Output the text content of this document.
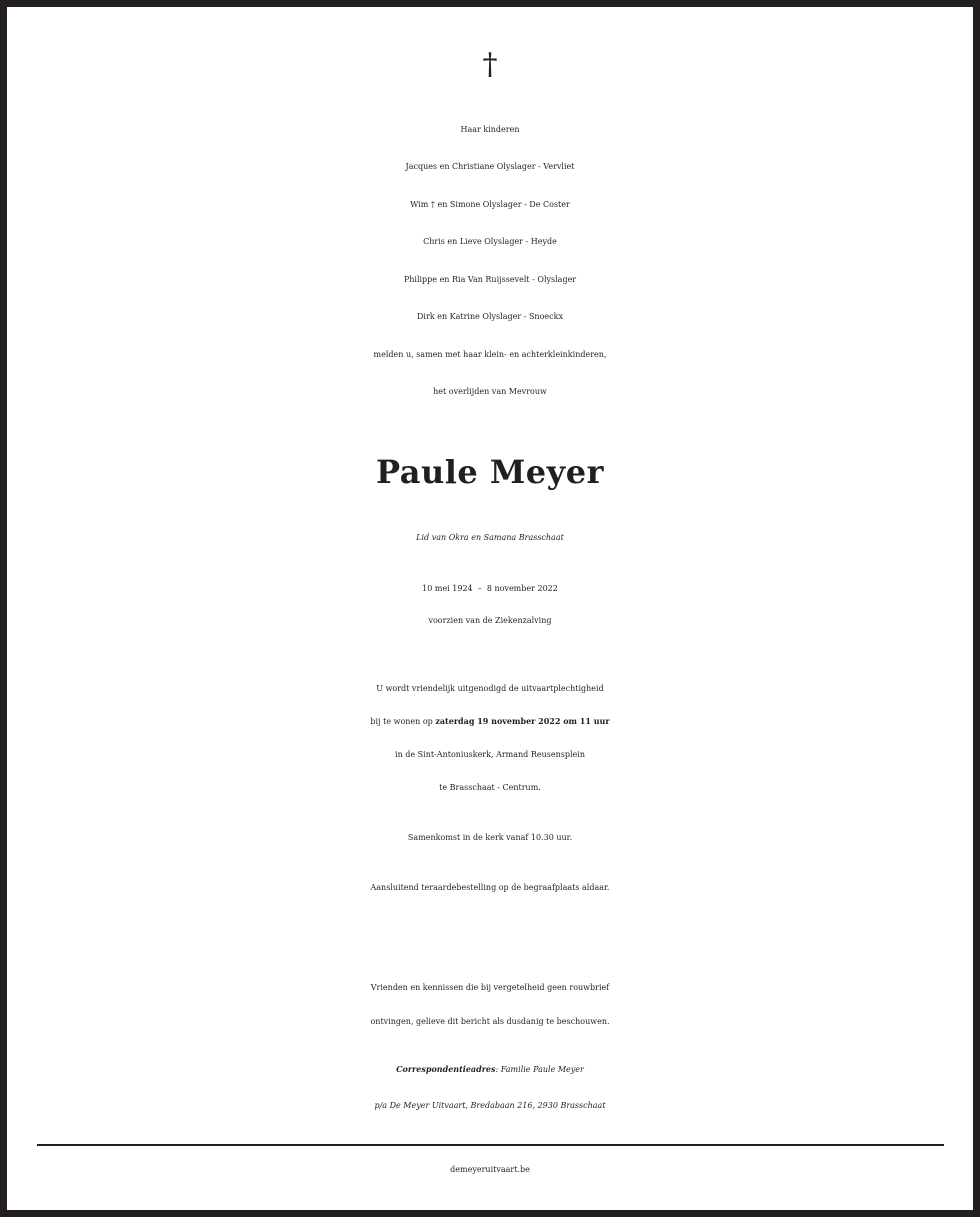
†
Haar kinderen
Jacques en Christiane Olyslager - Vervliet
Wim † en Simone Olyslager - De Coster
Chris en Lieve Olyslager - Heyde
Philippe en Ria Van Ruijssevelt - Olyslager
Dirk en Katrine Olyslager - Snoeckx
melden u, samen met haar klein- en achterkleinkinderen,
het overlijden van Mevrouw
Paule Meyer
Lid van Okra en Samana Brasschaat
10 mei 1924  –  8 november 2022
voorzien van de Ziekenzalving
U wordt vriendelijk uitgenodigd de uitvaartplechtigheid
bij te wonen op zaterdag 19 november 2022 om 11 uur
in de Sint-Antoniuskerk, Armand Reusensplein
te Brasschaat - Centrum.
Samenkomst in de kerk vanaf 10.30 uur.
Aansluitend teraardebestelling op de begraafplaats aldaar.
Vrienden en kennissen die bij vergetelheid geen rouwbrief
ontvingen, gelieve dit bericht als dusdanig te beschouwen.
Correspondentieadres: Familie Paule Meyer
p/a De Meyer Uitvaart, Bredabaan 216, 2930 Brasschaat
demeyeruitvaart.be
